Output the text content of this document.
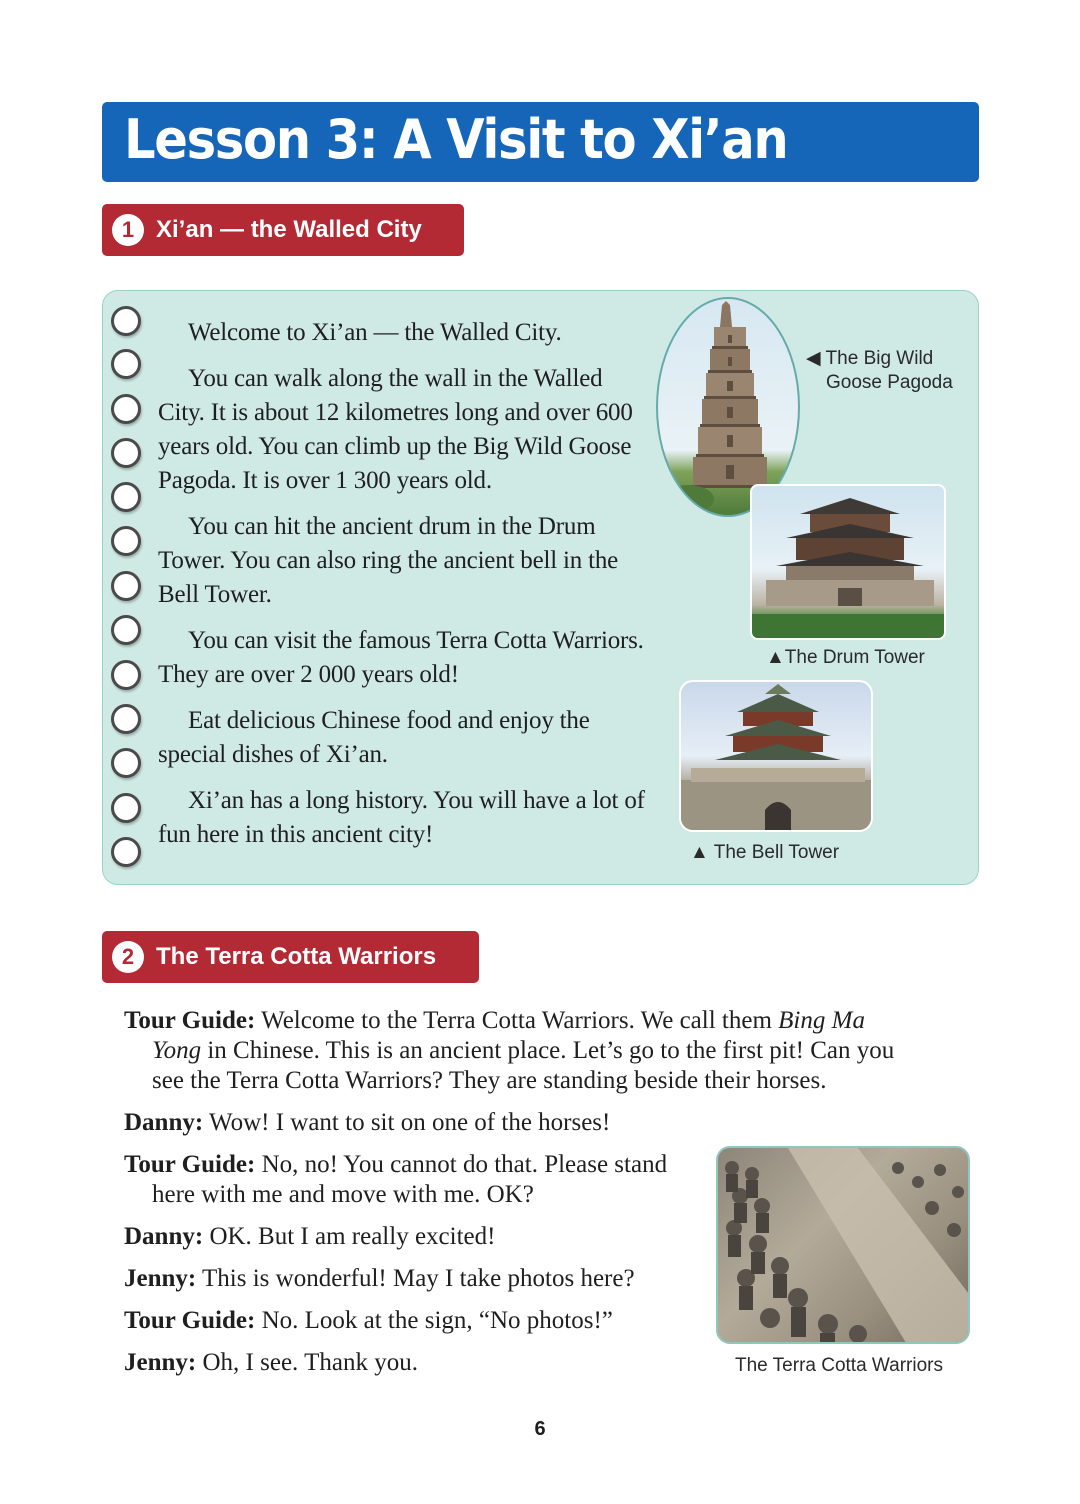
Lesson 3: A Visit to Xi’an
1 Xi’an — the Walled City

Welcome to Xi’an — the Walled City.

You can walk along the wall in the Walled City. It is about 12 kilometres long and over 600 years old. You can climb up the Big Wild Goose Pagoda. It is over 1 300 years old.

You can hit the ancient drum in the Drum Tower. You can also ring the ancient bell in the Bell Tower.

You can visit the famous Terra Cotta Warriors. They are over 2 000 years old!

Eat delicious Chinese food and enjoy the special dishes of Xi’an.

Xi’an has a long history. You will have a lot of fun here in this ancient city!

◀ The Big Wild
Goose Pagoda
▲The Drum Tower
▲ The Bell Tower
2 The Terra Cotta Warriors
Tour Guide: Welcome to the Terra Cotta Warriors. We call them Bing Ma
Yong in Chinese. This is an ancient place. Let’s go to the first pit! Can you
see the Terra Cotta Warriors? They are standing beside their horses.
Danny: Wow! I want to sit on one of the horses!
Tour Guide: No, no! You cannot do that. Please stand
here with me and move with me. OK?
Danny: OK. But I am really excited!
Jenny: This is wonderful! May I take photos here?
Tour Guide: No. Look at the sign, “No photos!”
Jenny: Oh, I see. Thank you.	The Terra Cotta Warriors
6
